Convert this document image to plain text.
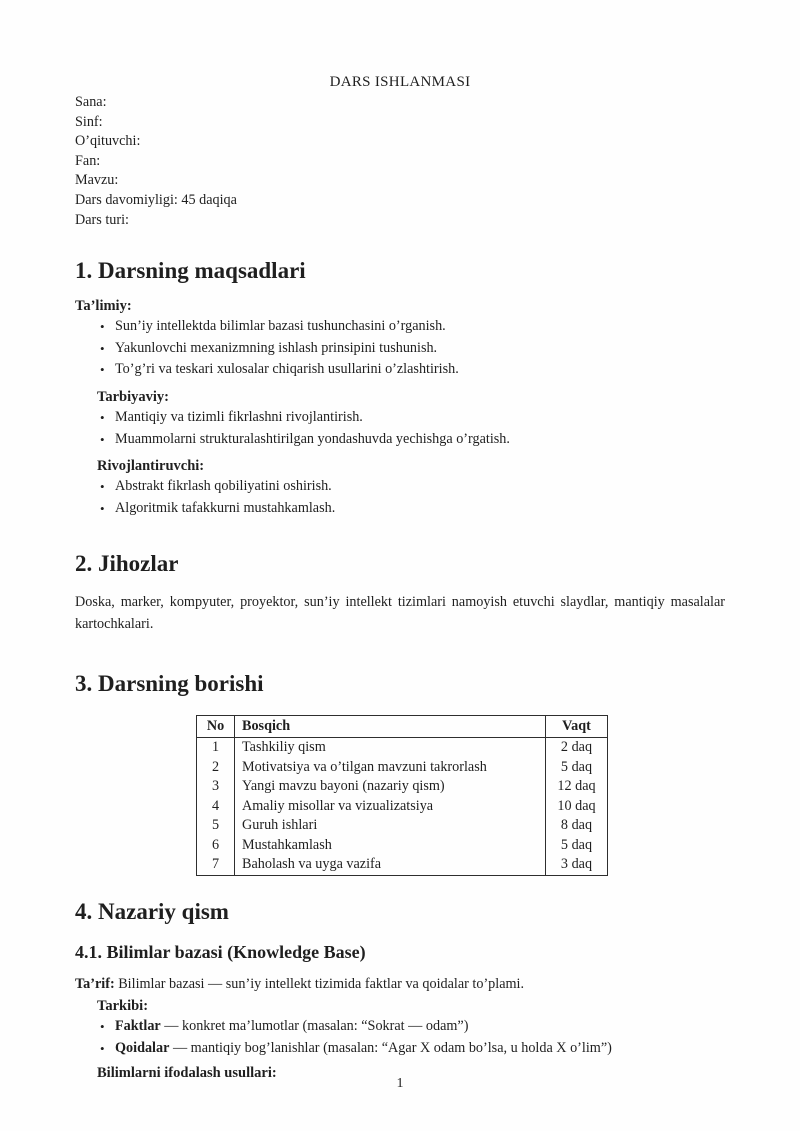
DARS ISHLANMASI
Sana:
Sinf:
O’qituvchi:
Fan:
Mavzu:
Dars davomiyligi: 45 daqiqa
Dars turi:
1. Darsning maqsadlari
Ta’limiy:
• Sun’iy intellektda bilimlar bazasi tushunchasini o’rganish.
• Yakunlovchi mexanizmning ishlash prinsipini tushunish.
• To’g’ri va teskari xulosalar chiqarish usullarini o’zlashtirish.
Tarbiyaviy:
• Mantiqiy va tizimli fikrlashni rivojlantirish.
• Muammolarni strukturalashtirilgan yondashuvda yechishga o’rgatish.
Rivojlantiruvchi:
• Abstrakt fikrlash qobiliyatini oshirish.
• Algoritmik tafakkurni mustahkamlash.
2. Jihozlar
Doska, marker, kompyuter, proyektor, sun’iy intellekt tizimlari namoyish etuvchi slaydlar, mantiqiy masalalar kartochkalari.
3. Darsning borishi
No	Bosqich	Vaqt
1	Tashkiliy qism	2 daq
2	Motivatsiya va o’tilgan mavzuni takrorlash	5 daq
3	Yangi mavzu bayoni (nazariy qism)	12 daq
4	Amaliy misollar va vizualizatsiya	10 daq
5	Guruh ishlari	8 daq
6	Mustahkamlash	5 daq
7	Baholash va uyga vazifa	3 daq
4. Nazariy qism
4.1. Bilimlar bazasi (Knowledge Base)
Ta’rif: Bilimlar bazasi — sun’iy intellekt tizimida faktlar va qoidalar to’plami.
Tarkibi:
• Faktlar — konkret ma’lumotlar (masalan: “Sokrat — odam”)
• Qoidalar — mantiqiy bog’lanishlar (masalan: “Agar X odam bo’lsa, u holda X o’lim”)
Bilimlarni ifodalash usullari:
1
